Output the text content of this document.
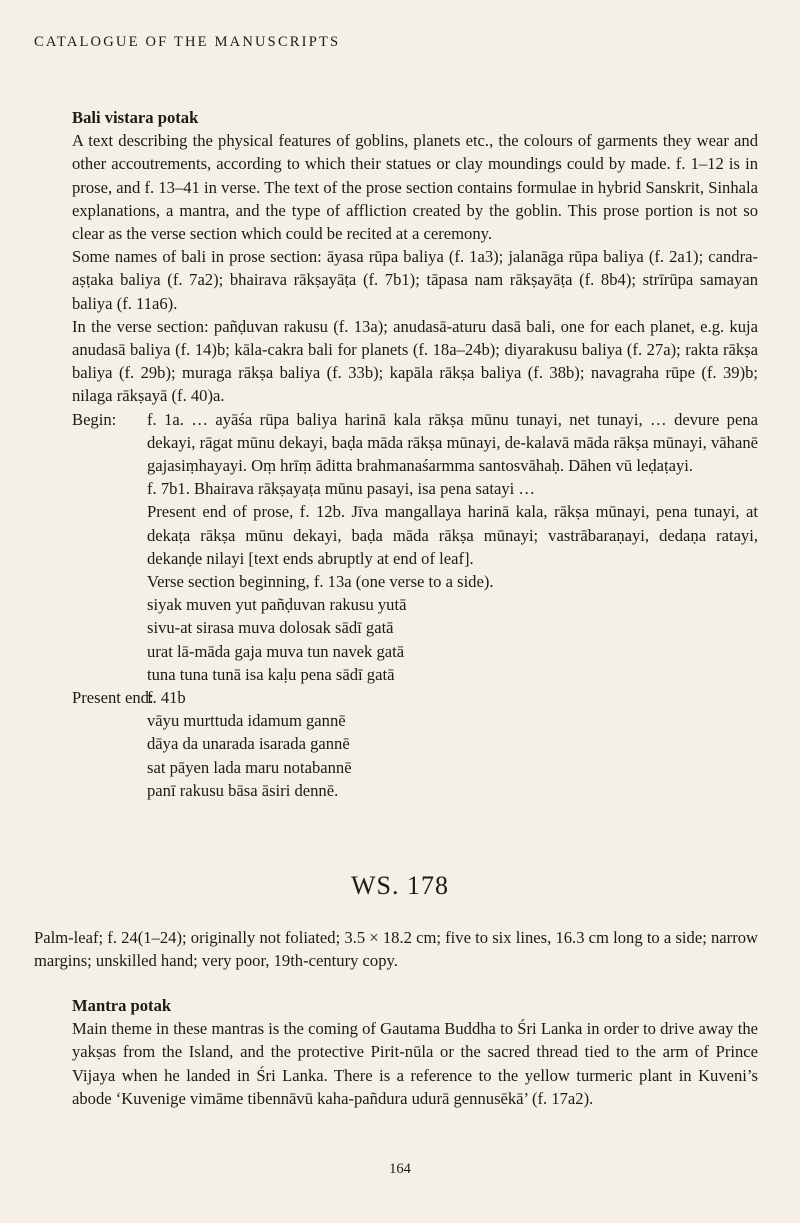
CATALOGUE OF THE MANUSCRIPTS
Bali vistara potak

A text describing the physical features of goblins, planets etc., the colours of garments they wear and other accoutrements, according to which their statues or clay moundings could by made. f. 1–12 is in prose, and f. 13–41 in verse. The text of the prose section contains formulae in hybrid Sanskrit, Sinhala explanations, a mantra, and the type of affliction created by the goblin. This prose portion is not so clear as the verse section which could be recited at a ceremony.

Some names of bali in prose section: āyasa rūpa baliya (f. 1a3); jalanāga rūpa baliya (f. 2a1); candra-aṣṭaka baliya (f. 7a2); bhairava rākṣayāṭa (f. 7b1); tāpasa nam rākṣayāṭa (f. 8b4); strīrūpa samayan baliya (f. 11a6).

In the verse section: pañḍuvan rakusu (f. 13a); anudasā-aturu dasā bali, one for each planet, e.g. kuja anudasā baliya (f. 14)b; kāla-cakra bali for planets (f. 18a–24b); diyarakusu baliya (f. 27a); rakta rākṣa baliya (f. 29b); muraga rākṣa baliya (f. 33b); kapāla rākṣa baliya (f. 38b); navagraha rūpe (f. 39)b; nilaga rākṣayā (f. 40)a.

Begin:	f. 1a. … ayāśa rūpa baliya harinā kala rākṣa mūnu tunayi, net tunayi, … devure pena dekayi, rāgat mūnu dekayi, baḍa māda rākṣa mūnayi, de-kalavā māda rākṣa mūnayi, vāhanē gajasiṃhayayi. Oṃ hrīṃ āditta brahmanaśarmma santosvāhaḥ. Dāhen vū leḍaṭayi.
f. 7b1. Bhairava rākṣayaṭa mūnu pasayi, isa pena satayi …
Present end of prose, f. 12b. Jīva mangallaya harinā kala, rākṣa mūnayi, pena tunayi, at dekaṭa rākṣa mūnu dekayi, baḍa māda rākṣa mūnayi; vastrābaraṇayi, dedaṇa ratayi, dekanḍe nilayi [text ends abruptly at end of leaf].
Verse section beginning, f. 13a (one verse to a side).
siyak muven yut pañḍuvan rakusu yutā
sivu-at sirasa muva dolosak sādī gatā
urat lā-māda gaja muva tun navek gatā
tuna tuna tunā isa kaḷu pena sādī gatā
Present end:
f. 41b
vāyu murttuda idamum gannē
dāya da unarada isarada gannē
sat pāyen lada maru notabannē
panī rakusu bāsa āsiri dennē.
WS. 178

Palm-leaf; f. 24(1–24); originally not foliated; 3.5 × 18.2 cm; five to six lines, 16.3 cm long to a side; narrow margins; unskilled hand; very poor, 19th-century copy.

Mantra potak

Main theme in these mantras is the coming of Gautama Buddha to Śri Lanka in order to drive away the yakṣas from the Island, and the protective Pirit-nūla or the sacred thread tied to the arm of Prince Vijaya when he landed in Śri Lanka. There is a reference to the yellow turmeric plant in Kuveni’s abode ‘Kuvenige vimāme tibennāvū kaha-pañdura udurā gennusēkā’ (f. 17a2).

164
